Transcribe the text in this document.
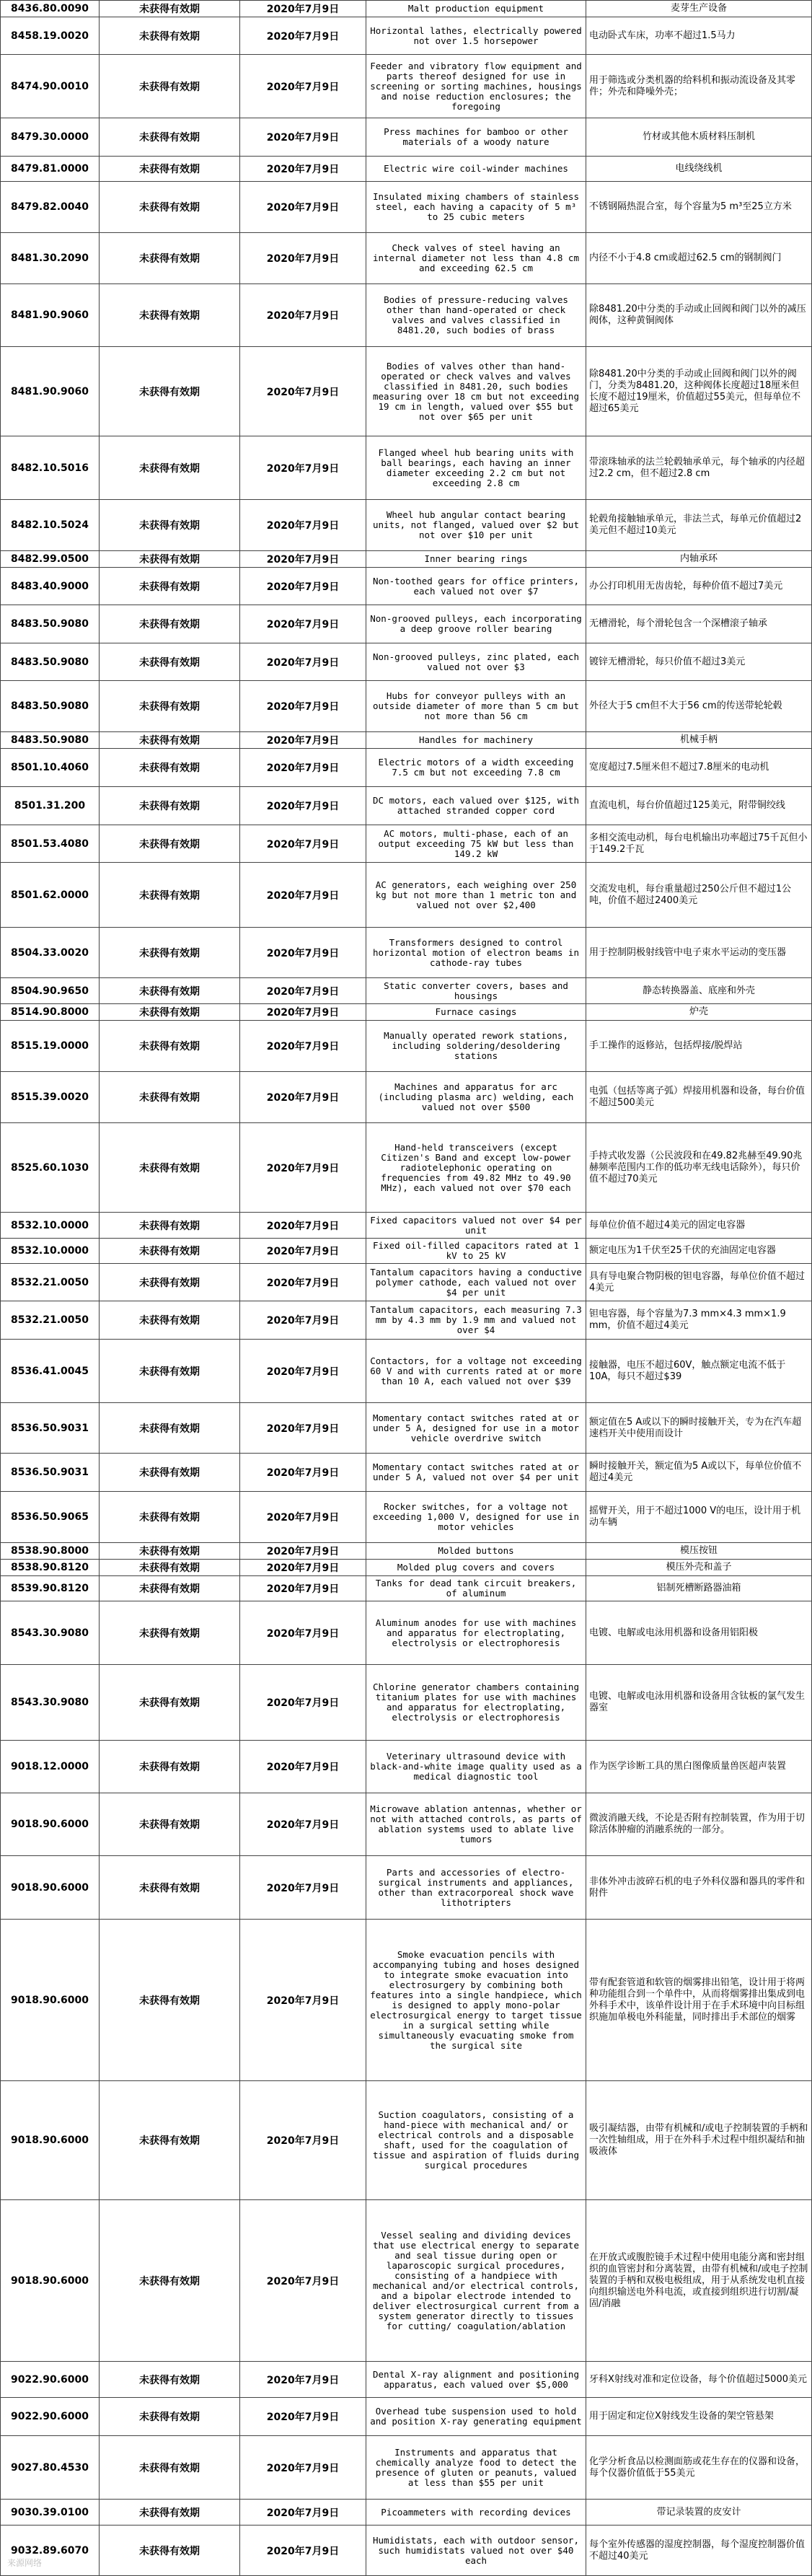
8436.80.0090	未获得有效期	2020年7月9日	Malt production equipment	麦芽生产设备
8458.19.0020	未获得有效期	2020年7月9日	Horizontal lathes, electrically powered not over 1.5 horsepower	电动卧式车床，功率不超过1.5马力
8474.90.0010	未获得有效期	2020年7月9日	Feeder and vibratory flow equipment and parts thereof designed for use in screening or sorting machines, housings and noise reduction enclosures; the foregoing	用于筛选或分类机器的给料机和振动流设备及其零件；外壳和降噪外壳；
8479.30.0000	未获得有效期	2020年7月9日	Press machines for bamboo or other materials of a woody nature	竹材或其他木质材料压制机
8479.81.0000	未获得有效期	2020年7月9日	Electric wire coil-winder machines	电线绕线机
8479.82.0040	未获得有效期	2020年7月9日	Insulated mixing chambers of stainless steel, each having a capacity of 5 m³ to 25 cubic meters	不锈钢隔热混合室，每个容量为5 m³至25立方米
8481.30.2090	未获得有效期	2020年7月9日	Check valves of steel having an internal diameter not less than 4.8 cm and exceeding 62.5 cm	内径不小于4.8 cm或超过62.5 cm的钢制阀门
8481.90.9060	未获得有效期	2020年7月9日	Bodies of pressure-reducing valves other than hand-operated or check valves and valves classified in 8481.20, such bodies of brass	除8481.20中分类的手动或止回阀和阀门以外的减压阀体，这种黄铜阀体
8481.90.9060	未获得有效期	2020年7月9日	Bodies of valves other than hand- operated or check valves and valves classified in 8481.20, such bodies measuring over 18 cm but not exceeding 19 cm in length, valued over $55 but not over $65 per unit	除8481.20中分类的手动或止回阀和阀门以外的阀门，分类为8481.20，这种阀体长度超过18厘米但长度不超过19厘米，价值超过55美元，但每单位不超过65美元
8482.10.5016	未获得有效期	2020年7月9日	Flanged wheel hub bearing units with ball bearings, each having an inner diameter exceeding 2.2 cm but not exceeding 2.8 cm	带滚珠轴承的法兰轮毂轴承单元，每个轴承的内径超过2.2 cm，但不超过2.8 cm
8482.10.5024	未获得有效期	2020年7月9日	Wheel hub angular contact bearing units, not flanged, valued over $2 but not over $10 per unit	轮毂角接触轴承单元，非法兰式，每单元价值超过2美元但不超过10美元
8482.99.0500	未获得有效期	2020年7月9日	Inner bearing rings	内轴承环
8483.40.9000	未获得有效期	2020年7月9日	Non-toothed gears for office printers, each valued not over $7	办公打印机用无齿齿轮，每种价值不超过7美元
8483.50.9080	未获得有效期	2020年7月9日	Non-grooved pulleys, each incorporating a deep groove roller bearing	无槽滑轮，每个滑轮包含一个深槽滚子轴承
8483.50.9080	未获得有效期	2020年7月9日	Non-grooved pulleys, zinc plated, each valued not over $3	镀锌无槽滑轮，每只价值不超过3美元
8483.50.9080	未获得有效期	2020年7月9日	Hubs for conveyor pulleys with an outside diameter of more than 5 cm but not more than 56 cm	外径大于5 cm但不大于56 cm的传送带轮轮毂
8483.50.9080	未获得有效期	2020年7月9日	Handles for machinery	机械手柄
8501.10.4060	未获得有效期	2020年7月9日	Electric motors of a width exceeding 7.5 cm but not exceeding 7.8 cm	宽度超过7.5厘米但不超过7.8厘米的电动机
8501.31.200	未获得有效期	2020年7月9日	DC motors, each valued over $125, with attached stranded copper cord	直流电机，每台价值超过125美元，附带铜绞线
8501.53.4080	未获得有效期	2020年7月9日	AC motors, multi-phase, each of an output exceeding 75 kW but less than 149.2 kW	多相交流电动机，每台电机输出功率超过75千瓦但小于149.2千瓦
8501.62.0000	未获得有效期	2020年7月9日	AC generators, each weighing over 250 kg but not more than 1 metric ton and valued not over $2,400	交流发电机，每台重量超过250公斤但不超过1公吨，价值不超过2400美元
8504.33.0020	未获得有效期	2020年7月9日	Transformers designed to control horizontal motion of electron beams in cathode-ray tubes	用于控制阴极射线管中电子束水平运动的变压器
8504.90.9650	未获得有效期	2020年7月9日	Static converter covers, bases and housings	静态转换器盖、底座和外壳
8514.90.8000	未获得有效期	2020年7月9日	Furnace casings	炉壳
8515.19.0000	未获得有效期	2020年7月9日	Manually operated rework stations, including soldering/desoldering stations	手工操作的返修站，包括焊接/脱焊站
8515.39.0020	未获得有效期	2020年7月9日	Machines and apparatus for arc (including plasma arc) welding, each valued not over $500	电弧（包括等离子弧）焊接用机器和设备，每台价值不超过500美元
8525.60.1030	未获得有效期	2020年7月9日	Hand-held transceivers (except Citizen's Band and except low-power radiotelephonic operating on frequencies from 49.82 MHz to 49.90 MHz), each valued not over $70 each	手持式收发器（公民波段和在49.82兆赫至49.90兆赫频率范围内工作的低功率无线电话除外），每只价值不超过70美元
8532.10.0000	未获得有效期	2020年7月9日	Fixed capacitors valued not over $4 per unit	每单位价值不超过4美元的固定电容器
8532.10.0000	未获得有效期	2020年7月9日	Fixed oil-filled capacitors rated at 1 kV to 25 kV	额定电压为1千伏至25千伏的充油固定电容器
8532.21.0050	未获得有效期	2020年7月9日	Tantalum capacitors having a conductive polymer cathode, each valued not over $4 per unit	具有导电聚合物阴极的钽电容器，每单位价值不超过4美元
8532.21.0050	未获得有效期	2020年7月9日	Tantalum capacitors, each measuring 7.3 mm by 4.3 mm by 1.9 mm and valued not over $4	钽电容器，每个容量为7.3 mm×4.3 mm×1.9 mm，价值不超过4美元
8536.41.0045	未获得有效期	2020年7月9日	Contactors, for a voltage not exceeding 60 V and with currents rated at or more than 10 A, each valued not over $39	接触器，电压不超过60V，触点额定电流不低于10A，每只不超过$39
8536.50.9031	未获得有效期	2020年7月9日	Momentary contact switches rated at or under 5 A, designed for use in a motor vehicle overdrive switch	额定值在5 A或以下的瞬时接触开关，专为在汽车超速档开关中使用而设计
8536.50.9031	未获得有效期	2020年7月9日	Momentary contact switches rated at or under 5 A, valued not over $4 per unit	瞬时接触开关，额定值为5 A或以下，每单位价值不超过4美元
8536.50.9065	未获得有效期	2020年7月9日	Rocker switches, for a voltage not exceeding 1,000 V, designed for use in motor vehicles	摇臂开关，用于不超过1000 V的电压，设计用于机动车辆
8538.90.8000	未获得有效期	2020年7月9日	Molded buttons	模压按钮
8538.90.8120	未获得有效期	2020年7月9日	Molded plug covers and covers	模压外壳和盖子
8539.90.8120	未获得有效期	2020年7月9日	Tanks for dead tank circuit breakers, of aluminum	铝制死槽断路器油箱
8543.30.9080	未获得有效期	2020年7月9日	Aluminum anodes for use with machines and apparatus for electroplating, electrolysis or electrophoresis	电镀、电解或电泳用机器和设备用铝阳极
8543.30.9080	未获得有效期	2020年7月9日	Chlorine generator chambers containing titanium plates for use with machines and apparatus for electroplating, electrolysis or electrophoresis	电镀、电解或电泳用机器和设备用含钛板的氯气发生器室
9018.12.0000	未获得有效期	2020年7月9日	Veterinary ultrasound device with black-and-white image quality used as a medical diagnostic tool	作为医学诊断工具的黑白图像质量兽医超声装置
9018.90.6000	未获得有效期	2020年7月9日	Microwave ablation antennas, whether or not with attached controls, as parts of ablation systems used to ablate live tumors	微波消融天线，不论是否附有控制装置，作为用于切除活体肿瘤的消融系统的一部分。
9018.90.6000	未获得有效期	2020年7月9日	Parts and accessories of electro- surgical instruments and appliances, other than extracorporeal shock wave lithotripters	非体外冲击波碎石机的电子外科仪器和器具的零件和附件
9018.90.6000	未获得有效期	2020年7月9日	Smoke evacuation pencils with accompanying tubing and hoses designed to integrate smoke evacuation into electrosurgery by combining both features into a single handpiece, which is designed to apply mono-polar electrosurgical energy to target tissue in a surgical setting while simultaneously evacuating smoke from the surgical site	带有配套管道和软管的烟雾排出铅笔，设计用于将两种功能组合到一个单件中，从而将烟雾排出集成到电外科手术中，该单件设计用于在手术环境中向目标组织施加单极电外科能量，同时排出手术部位的烟雾
9018.90.6000	未获得有效期	2020年7月9日	Suction coagulators, consisting of a hand-piece with mechanical and/ or electrical controls and a disposable shaft, used for the coagulation of tissue and aspiration of fluids during surgical procedures	吸引凝结器，由带有机械和/或电子控制装置的手柄和一次性轴组成，用于在外科手术过程中组织凝结和抽吸液体
9018.90.6000	未获得有效期	2020年7月9日	Vessel sealing and dividing devices that use electrical energy to separate and seal tissue during open or laparoscopic surgical procedures, consisting of a handpiece with mechanical and/or electrical controls, and a bipolar electrode intended to deliver electrosurgical current from a system generator directly to tissues for cutting/ coagulation/ablation	在开放式或腹腔镜手术过程中使用电能分离和密封组织的血管密封和分离装置，由带有机械和/或电子控制装置的手柄和双极电极组成，用于从系统发电机直接向组织输送电外科电流，或直接到组织进行切割/凝固/消融
9022.90.6000	未获得有效期	2020年7月9日	Dental X-ray alignment and positioning apparatus, each valued over $5,000	牙科X射线对准和定位设备，每个价值超过5000美元
9022.90.6000	未获得有效期	2020年7月9日	Overhead tube suspension used to hold and position X-ray generating equipment	用于固定和定位X射线发生设备的架空管悬架
9027.80.4530	未获得有效期	2020年7月9日	Instruments and apparatus that chemically analyze food to detect the presence of gluten or peanuts, valued at less than $55 per unit	化学分析食品以检测面筋或花生存在的仪器和设备，每个仪器价值低于55美元
9030.39.0100	未获得有效期	2020年7月9日	Picoammeters with recording devices	带记录装置的皮安计
9032.89.6070	未获得有效期	2020年7月9日	Humidistats, each with outdoor sensor, such humidistats valued not over $40 each	每个室外传感器的湿度控制器，每个湿度控制器价值不超过40美元
来源网络
